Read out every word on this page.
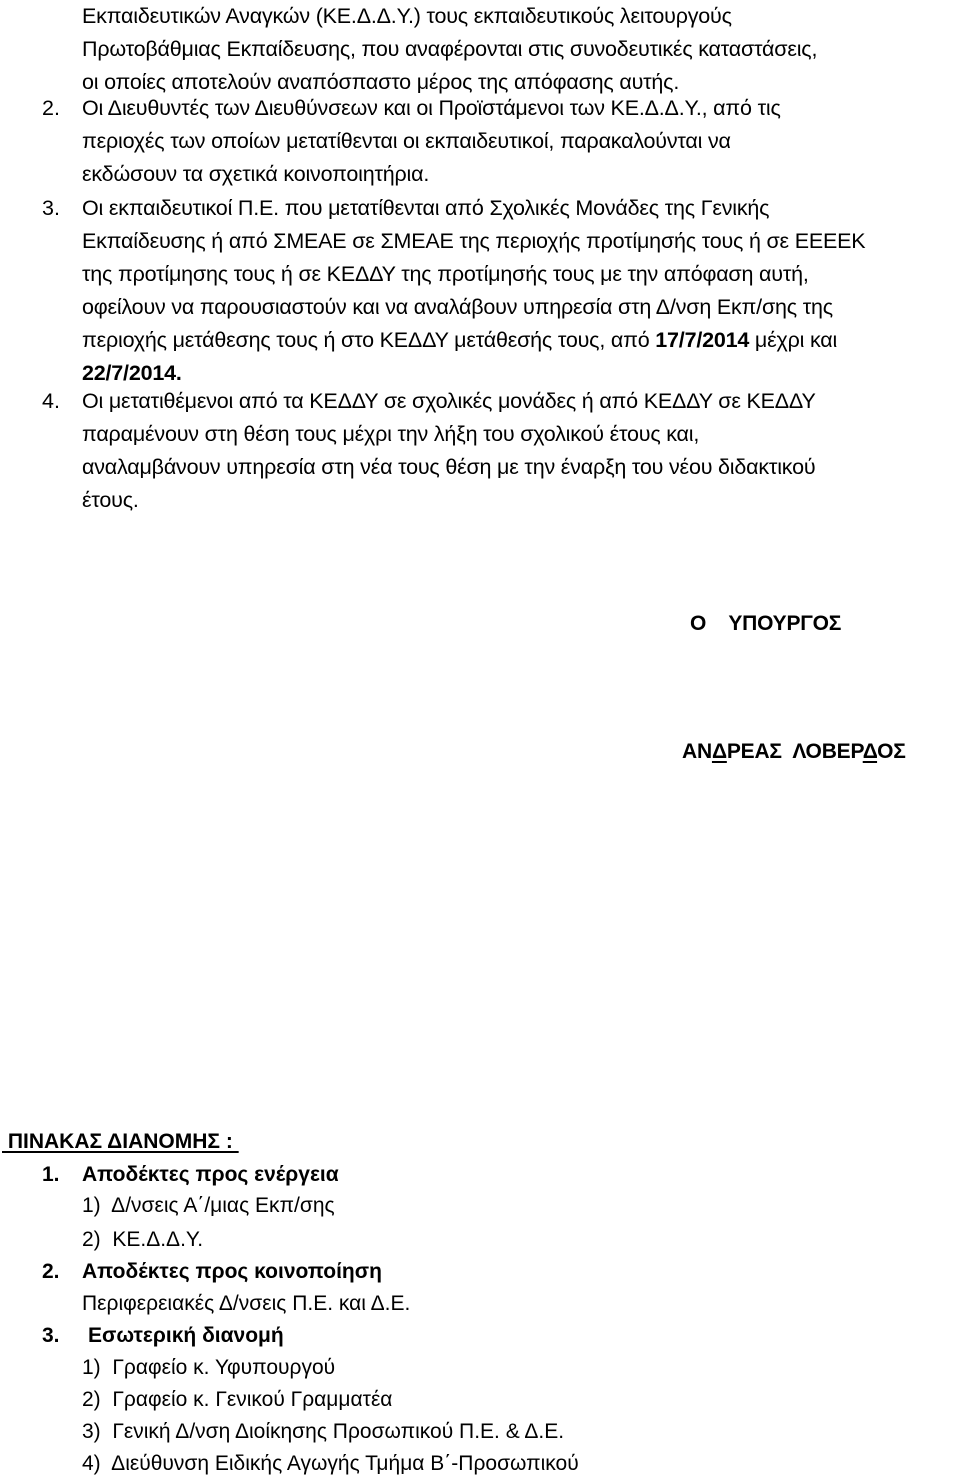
Εκπαιδευτικών Αναγκών (ΚΕ.Δ.Δ.Υ.) τους εκπαιδευτικούς λειτουργούς
Πρωτοβάθμιας Εκπαίδευσης, που αναφέρονται στις συνοδευτικές καταστάσεις,
οι οποίες αποτελούν αναπόσπαστο μέρος της απόφασης αυτής.
2. Οι Διευθυντές των Διευθύνσεων και οι Προϊστάμενοι των ΚΕ.Δ.Δ.Υ., από τις
περιοχές των οποίων μετατίθενται οι εκπαιδευτικοί, παρακαλούνται να
εκδώσουν τα σχετικά κοινοποιητήρια.
3. Οι εκπαιδευτικοί Π.Ε. που μετατίθενται από Σχολικές Μονάδες της Γενικής
Εκπαίδευσης ή από ΣΜΕΑΕ σε ΣΜΕΑΕ της περιοχής προτίμησής τους ή σε ΕΕΕΕΚ
της προτίμησης τους ή σε ΚΕΔΔΥ της προτίμησής τους με την απόφαση αυτή,
οφείλουν να παρουσιαστούν και να αναλάβουν υπηρεσία στη Δ/νση Εκπ/σης της
περιοχής μετάθεσης τους ή στο ΚΕΔΔΥ μετάθεσής τους, από 17/7/2014 μέχρι και
22/7/2014.
4. Οι μετατιθέμενοι από τα ΚΕΔΔΥ σε σχολικές μονάδες ή από ΚΕΔΔΥ σε ΚΕΔΔΥ
παραμένουν στη θέση τους μέχρι την λήξη του σχολικού έτους και,
αναλαμβάνουν υπηρεσία στη νέα τους θέση με την έναρξη του νέου διδακτικού
έτους.
Ο ΥΠΟΥΡΓΟΣ
ΑΝΔΡΕΑΣ  ΛΟΒΕΡΔΟΣ
ΠΙΝΑΚΑΣ ΔΙΑΝΟΜΗΣ :
1. Αποδέκτες προς ενέργεια
1)  Δ/νσεις Α΄/μιας Εκπ/σης
2)  ΚΕ.Δ.Δ.Υ.
2. Αποδέκτες προς κοινοποίηση
Περιφερειακές Δ/νσεις Π.Ε. και Δ.Ε.
3. Εσωτερική διανομή
1)  Γραφείο κ. Υφυπουργού
2)  Γραφείο κ. Γενικού Γραμματέα
3)  Γενική Δ/νση Διοίκησης Προσωπικού Π.Ε. & Δ.Ε.
4)  Διεύθυνση Ειδικής Αγωγής Τμήμα Β΄-Προσωπικού
